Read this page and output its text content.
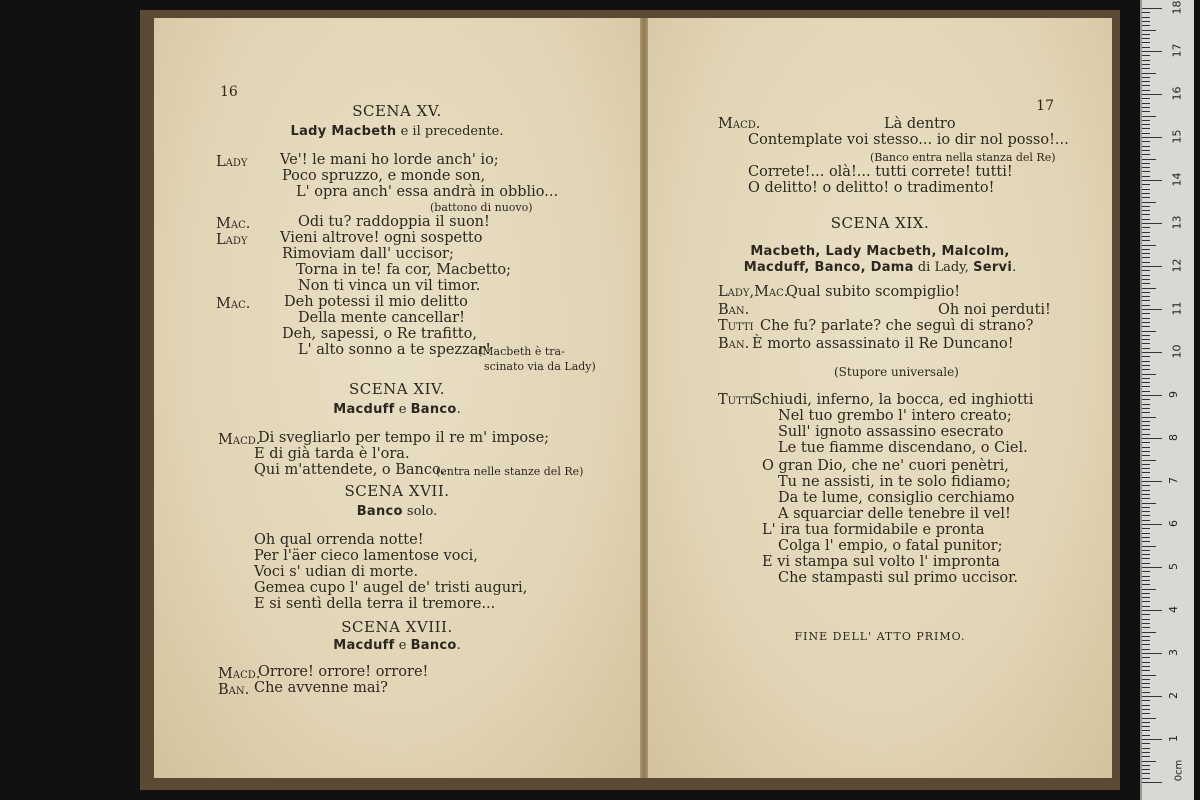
16
SCENA XV.
Lady Macbeth e il precedente.
Lady Ve'! le mani ho lorde anch' io;
Poco spruzzo, e monde son,
L' opra anch' essa andrà in obblio...
(battono di nuovo)
Mac.	Odi tu? raddoppia il suon!
Lady Vieni altrove! ogni sospetto
Rimoviam dall' uccisor;
Torna in te! fa cor, Macbetto;
Non ti vinca un vil timor.
Mac. Deh potessi il mio delitto
Della mente cancellar!
Deh, sapessi, o Re trafitto,
L' alto sonno a te spezzar!
(Macbeth è tra-
scinato via da Lady)
SCENA XIV.
Macduff e Banco.
Macd.
Di svegliarlo per tempo il re m' impose;
E di già tarda è l'ora.
Qui m'attendete, o Banco.
(entra nelle stanze del Re)
SCENA XVII.
Banco solo.
Oh qual orrenda notte!
Per l'äer cieco lamentose voci,
Voci s' udian di morte.
Gemea cupo l' augel de' tristi auguri,
E si sentì della terra il tremore...
SCENA XVIII.
Macduff e Banco.
Macd.
Orrore! orrore! orrore!
Ban. Che avvenne mai?
17
Macd.	Là dentro
Contemplate voi stesso... io dir nol posso!...
(Banco entra nella stanza del Re)
Correte!... olà!... tutti correte! tutti!
O delitto! o delitto! o tradimento!
SCENA XIX.
Macbeth, Lady Macbeth, Malcolm,
Macduff, Banco, Dama di Lady, Servi.
Lady,Mac.
Qual subito scompiglio!
Ban.	Oh noi perduti!
Tutti Che fu? parlate? che seguì di strano?
Ban. È morto assassinato il Re Duncano!
(Stupore universale)
Tutti
Schiudi, inferno, la bocca, ed inghiotti
Nel tuo grembo l' intero creato;
Sull' ignoto assassino esecrato
Le tue fiamme discendano, o Ciel.
O gran Dio, che ne' cuori penètri,
Tu ne assisti, in te solo fidiamo;
Da te lume, consiglio cerchiamo
A squarciar delle tenebre il vel!
L' ira tua formidabile e pronta
Colga l' empio, o fatal punitor;
E vi stampa sul volto l' impronta
Che stampasti sul primo uccisor.
FINE DELL' ATTO PRIMO.
0cm
1
2
3
4
5
6
7
8
9
10
11
12
13
14
15
16
17
18
